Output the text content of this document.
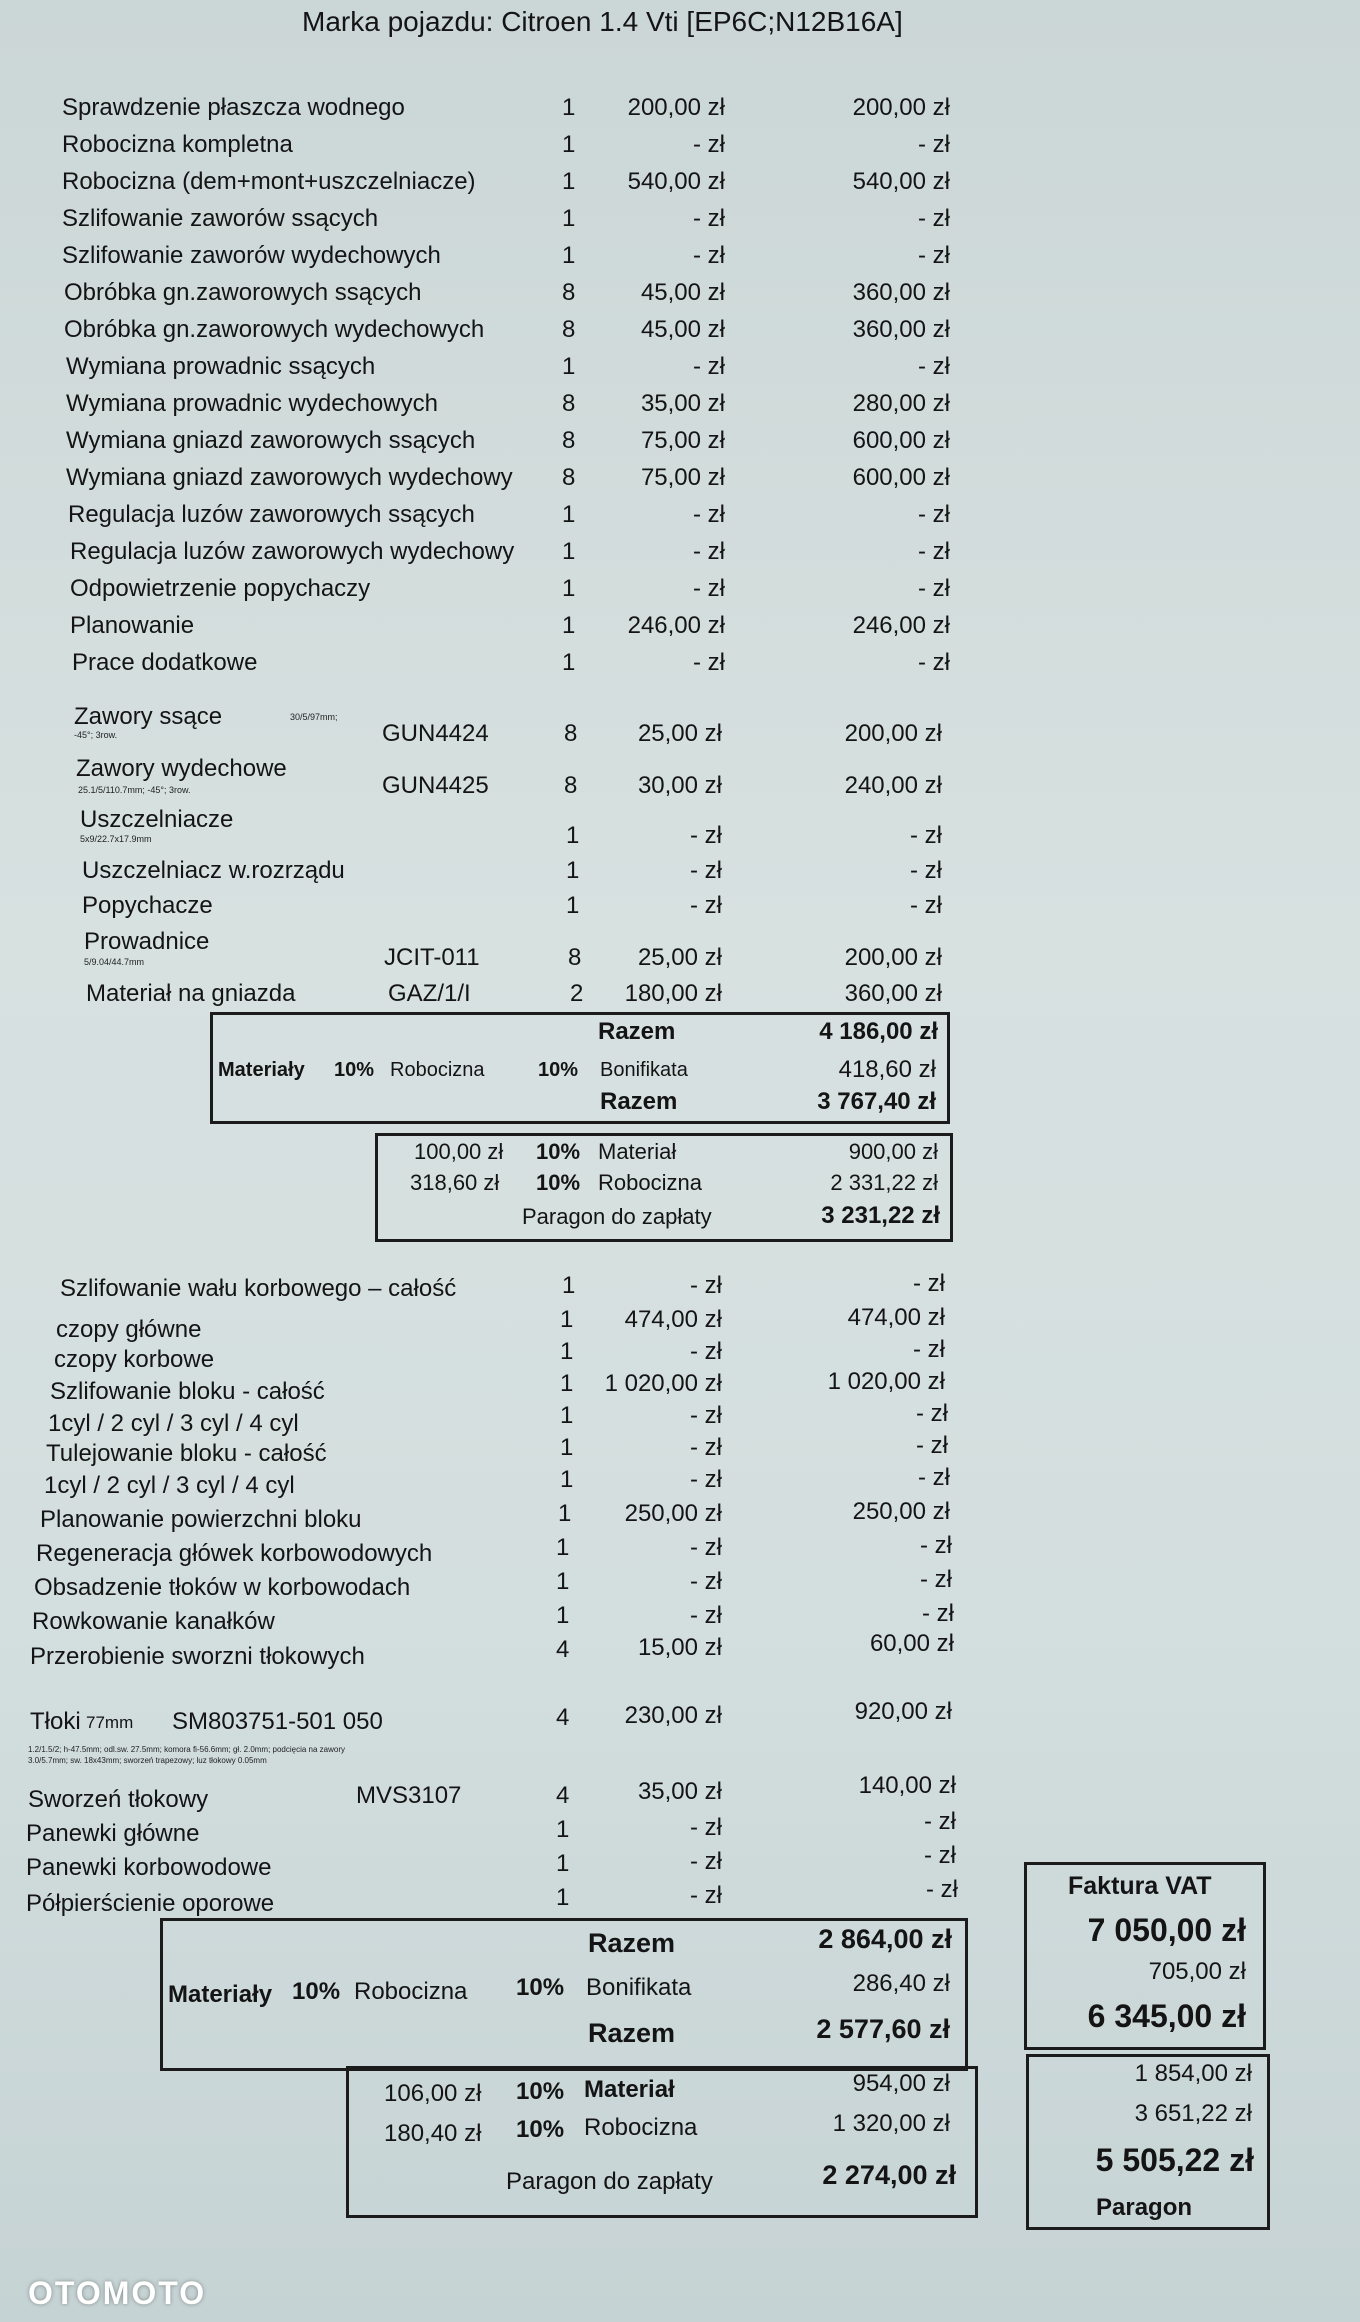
Marka pojazdu: Citroen 1.4 Vti [EP6C;N12B16A]
Sprawdzenie płaszcza wodnego	1	200,00 zł	200,00 zł
Robocizna kompletna	1	- zł	- zł
Robocizna (dem+mont+uszczelniacze)	1	540,00 zł	540,00 zł
Szlifowanie zaworów ssących	1	- zł	- zł
Szlifowanie zaworów wydechowych	1	- zł	- zł
Obróbka gn.zaworowych ssących	8	45,00 zł	360,00 zł
Obróbka gn.zaworowych wydechowych	8	45,00 zł	360,00 zł
Wymiana prowadnic ssących	1	- zł	- zł
Wymiana prowadnic wydechowych	8	35,00 zł	280,00 zł
Wymiana gniazd zaworowych ssących	8	75,00 zł	600,00 zł
Wymiana gniazd zaworowych wydechowy	8	75,00 zł	600,00 zł
Regulacja luzów zaworowych ssących	1	- zł	- zł
Regulacja luzów zaworowych wydechowy	1	- zł	- zł
Odpowietrzenie popychaczy	1	- zł	- zł
Planowanie	1	246,00 zł	246,00 zł
Prace dodatkowe	1	- zł	- zł
Zawory ssące	30/5/97mm;
-45°; 3row.	GUN4424	8	25,00 zł	200,00 zł
Zawory wydechowe
25.1/5/110.7mm; -45°; 3row.	GUN4425	8	30,00 zł	240,00 zł
Uszczelniacze
5x9/22.7x17.9mm	1	- zł	- zł
Uszczelniacz w.rozrządu	1	- zł	- zł
Popychacze	1	- zł	- zł
Prowadnice
5/9.04/44.7mm	JCIT-011	8	25,00 zł	200,00 zł
Materiał na gniazda	GAZ/1/I	2	180,00 zł	360,00 zł
Razem	4 186,00 zł
Materiały 10% Robocizna	10% Bonifikata	418,60 zł
Razem	3 767,40 zł
100,00 zł 10% Materiał	900,00 zł
318,60 zł 10% Robocizna	2 331,22 zł
Paragon do zapłaty	3 231,22 zł
Szlifowanie wału korbowego – całość	1	- zł	- zł
czopy główne	1	474,00 zł	474,00 zł
czopy korbowe	1	- zł	- zł
Szlifowanie bloku - całość	1	1 020,00 zł	1 020,00 zł
1cyl / 2 cyl / 3 cyl / 4 cyl	1	- zł	- zł
Tulejowanie bloku - całość	1	- zł	- zł
1cyl / 2 cyl / 3 cyl / 4 cyl	1	- zł	- zł
Planowanie powierzchni bloku	1	250,00 zł	250,00 zł
Regeneracja główek korbowodowych	1	- zł	- zł
Obsadzenie tłoków w korbowodach	1	- zł	- zł
Rowkowanie kanałków	1	- zł	- zł
Przerobienie sworzni tłokowych	4	15,00 zł	60,00 zł
Tłoki 77mm SM803751-501 050	4	230,00 zł	920,00 zł
1.2/1.5/2; h-47.5mm; odl.sw. 27.5mm; komora fi-56.6mm; gł. 2.0mm; podcięcia na zawory
3.0/5.7mm; sw. 18x43mm; sworzeń trapezowy; luz tłokowy 0.05mm
Sworzeń tłokowy	MVS3107	4	35,00 zł	140,00 zł
Panewki główne	1	- zł	- zł
Panewki korbowodowe	1	- zł	- zł
Półpierścienie oporowe	1	- zł	- zł
Razem	2 864,00 zł
Materiały 10% Robocizna 10% Bonifikata	286,40 zł
Razem	2 577,60 zł
106,00 zł 10% Materiał	954,00 zł
180,40 zł 10% Robocizna	1 320,00 zł
Paragon do zapłaty	2 274,00 zł
Faktura VAT
7 050,00 zł
705,00 zł
6 345,00 zł
1 854,00 zł
3 651,22 zł
5 505,22 zł
Paragon
OTOMOTO
